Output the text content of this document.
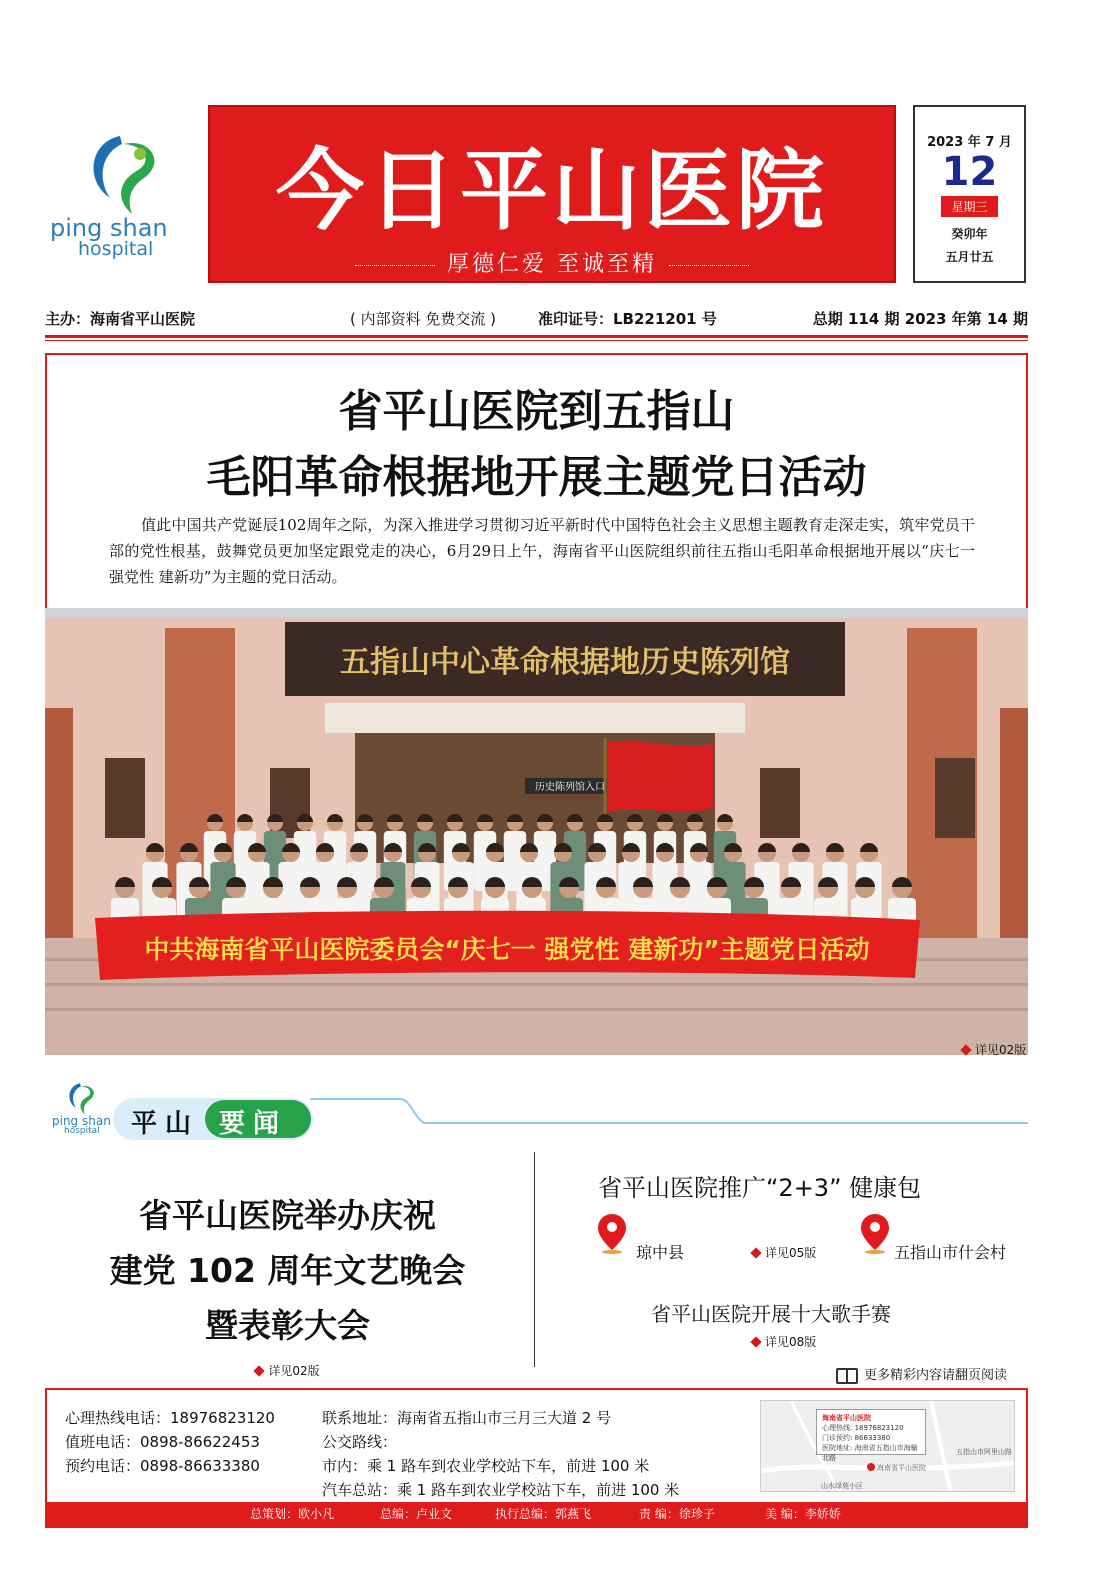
ping shan
hospital
今日平山医院
厚德仁爱 至诚至精
2023 年 7 月
12
星期三
癸卯年
五月廿五
主办：海南省平山医院	( 内部资料 免费交流 )	准印证号：LB221201 号	总期 114 期 2023 年第 14 期
省平山医院到五指山
毛阳革命根据地开展主题党日活动

值此中国共产党诞辰102周年之际，为深入推进学习贯彻习近平新时代中国特色社会主义思想主题教育走深走实，筑牢党员干部的党性根基，鼓舞党员更加坚定跟党走的决心，6月29日上午，海南省平山医院组织前往五指山毛阳革命根据地开展以“庆七一 强党性 建新功”为主题的党日活动。

五指山中心革命根据地历史陈列馆
历史陈列馆入口
中共海南省平山医院委员会“庆七一 强党性 建新功”主题党日活动
详见02版
ping shan
hospital 平山 要闻
省平山医院举办庆祝
建党 102 周年文艺晚会
暨表彰大会
详见02版
省平山医院推广“2+3” 健康包
琼中县	详见05版	五指山市什会村
省平山医院开展十大歌手赛
详见08版
更多精彩内容请翻页阅读
心理热线电话：18976823120
值班电话：0898-86622453
预约电话：0898-86633380
联系地址：海南省五指山市三月三大道 2 号
公交路线：
市内：乘 1 路车到农业学校站下车，前进 100 米
汽车总站：乘 1 路车到农业学校站下车，前进 100 米
海南省平山医院
心理热线: 18976823120
门诊预约: 86633380
医院地址: 海南省五指山市海榆北路
海南省平山医院
五指山市阿里山路
山水绿苑小区
总策划：欧小凡	总编：卢业文	执行总编：郭燕飞	责 编：徐珍子	美 编：李娇娇
